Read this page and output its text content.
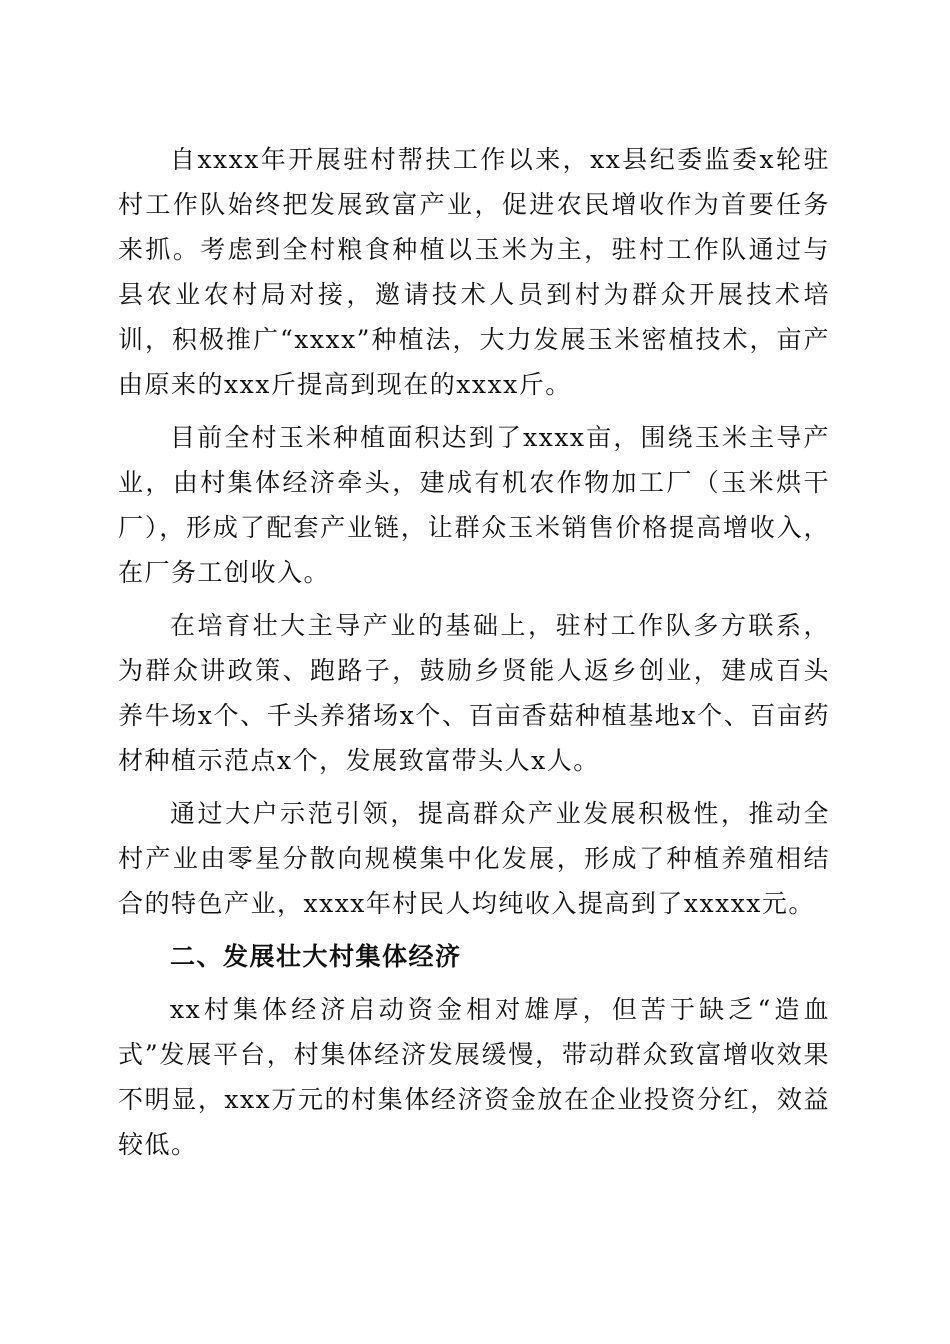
自xxxx年开展驻村帮扶工作以来，xx县纪委监委x轮驻村工作队始终把发展致富产业，促进农民增收作为首要任务来抓。考虑到全村粮食种植以玉米为主，驻村工作队通过与县农业农村局对接，邀请技术人员到村为群众开展技术培训，积极推广“xxxx”种植法，大力发展玉米密植技术，亩产由原来的xxx斤提高到现在的xxxx斤。

目前全村玉米种植面积达到了xxxx亩，围绕玉米主导产业，由村集体经济牵头，建成有机农作物加工厂（玉米烘干厂），形成了配套产业链，让群众玉米销售价格提高增收入，在厂务工创收入。

在培育壮大主导产业的基础上，驻村工作队多方联系，为群众讲政策、跑路子，鼓励乡贤能人返乡创业，建成百头养牛场x个、千头养猪场x个、百亩香菇种植基地x个、百亩药材种植示范点x个，发展致富带头人x人。

通过大户示范引领，提高群众产业发展积极性，推动全村产业由零星分散向规模集中化发展，形成了种植养殖相结合的特色产业，xxxx年村民人均纯收入提高到了xxxxx元。

二、发展壮大村集体经济

xx村集体经济启动资金相对雄厚，但苦于缺乏“造血式”发展平台，村集体经济发展缓慢，带动群众致富增收效果不明显，xxx万元的村集体经济资金放在企业投资分红，效益较低。
